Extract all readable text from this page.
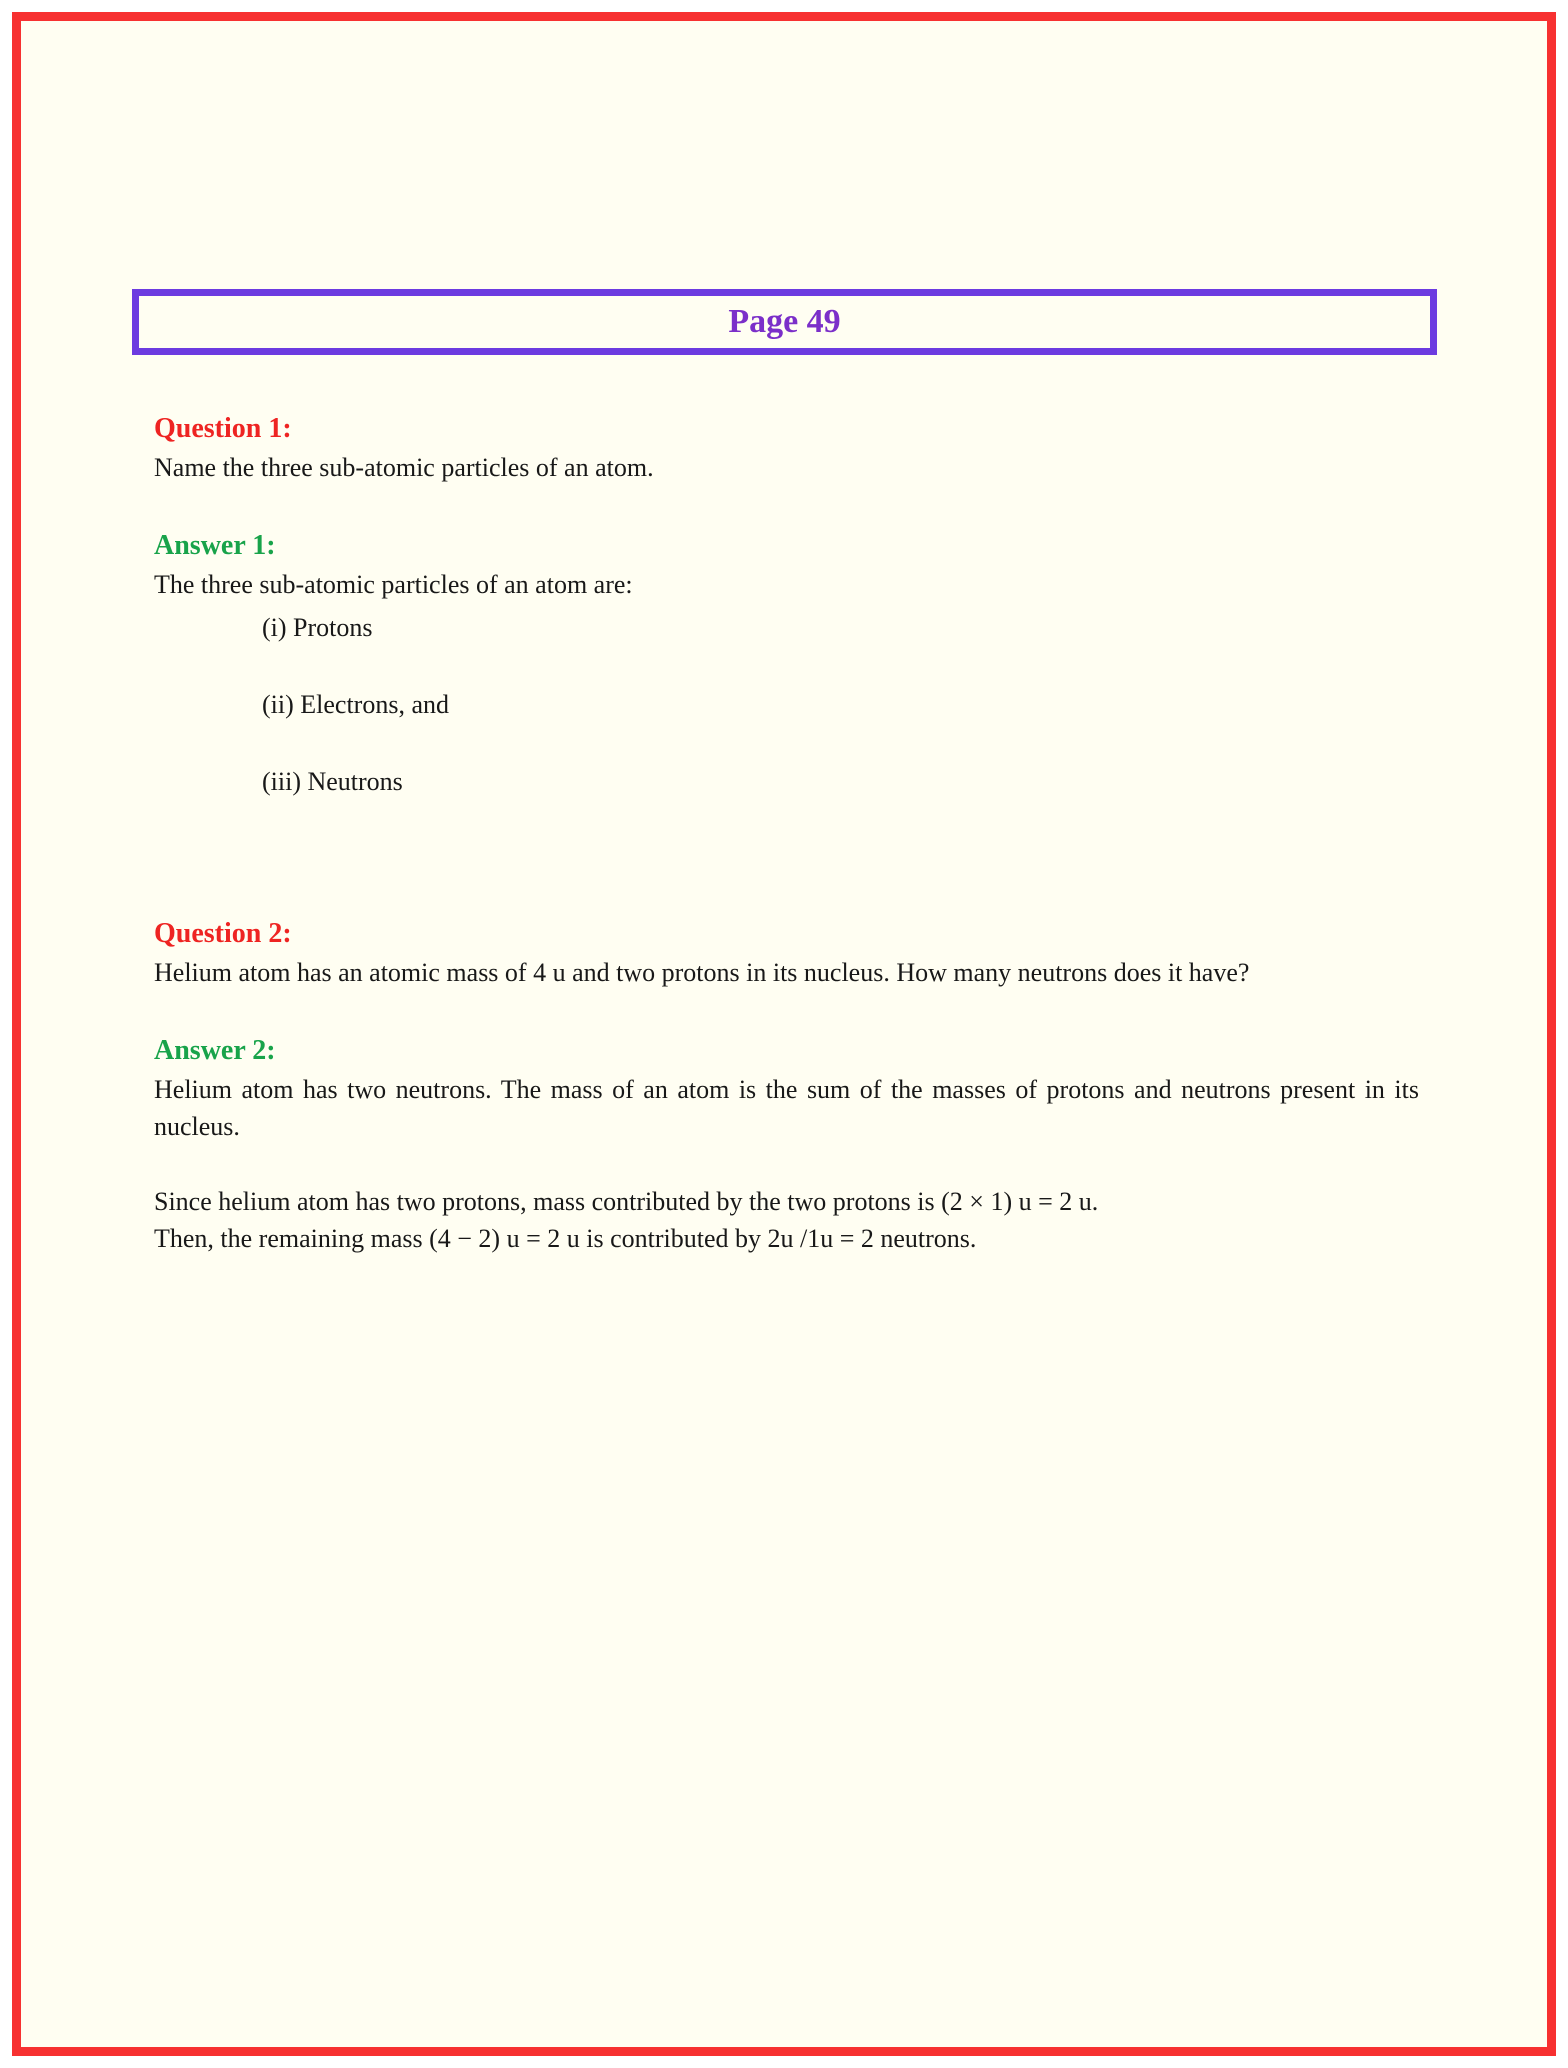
Page 49
Question 1:

Name the three sub-atomic particles of an atom.

Answer 1:

The three sub-atomic particles of an atom are:

(i) Protons
(ii) Electrons, and
(iii) Neutrons
Question 2:

Helium atom has an atomic mass of 4 u and two protons in its nucleus. How many neutrons does it have?

Answer 2:

Helium atom has two neutrons. The mass of an atom is the sum of the masses of protons and neutrons present in its nucleus.

Since helium atom has two protons, mass contributed by the two protons is (2 × 1) u = 2 u.

Then, the remaining mass (4 − 2) u = 2 u is contributed by 2u /1u = 2 neutrons.
